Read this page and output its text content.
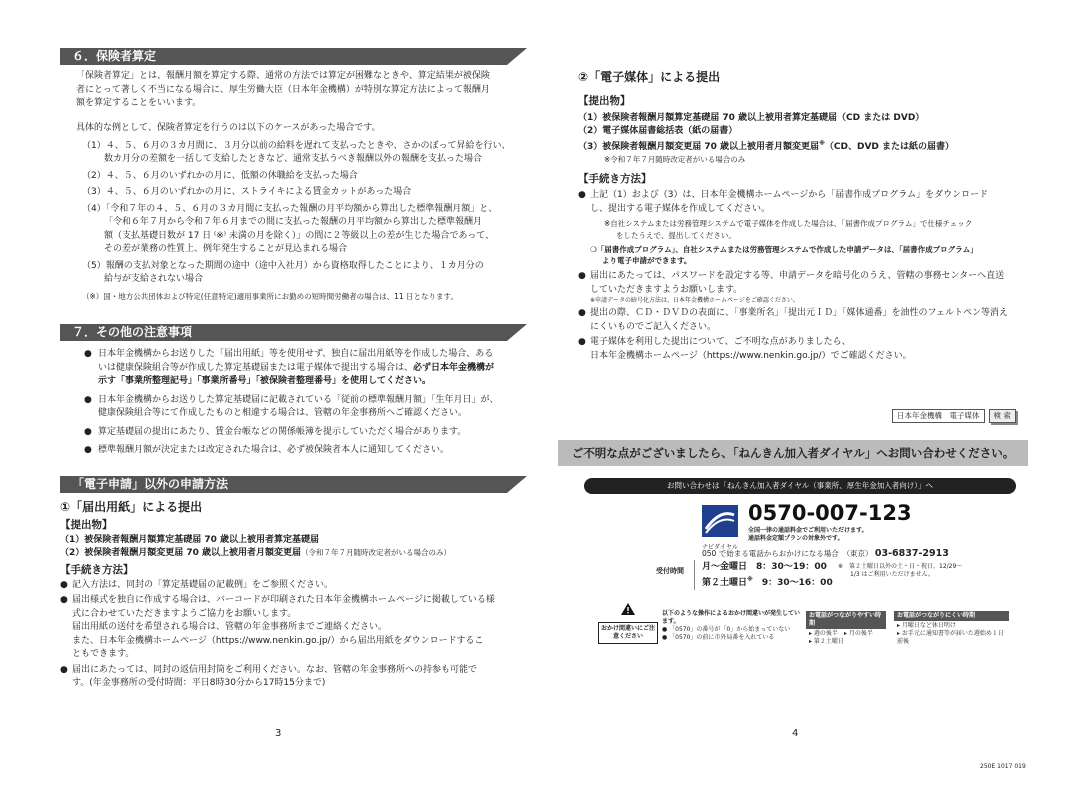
６．保険者算定

「保険者算定」とは、報酬月額を算定する際、通常の方法では算定が困難なときや、算定結果が被保険

者にとって著しく不当になる場合に、厚生労働大臣（日本年金機構）が特別な算定方法によって報酬月

額を算定することをいいます。

具体的な例として、保険者算定を行うのは以下のケースがあった場合です。

（1）４、５、６月の３カ月間に、３月分以前の給料を遅れて支払ったときや、さかのぼって昇給を行い、

数カ月分の差額を一括して支給したときなど、通常支払うべき報酬以外の報酬を支払った場合

（2）４、５、６月のいずれかの月に、低額の休職給を支払った場合

（3）４、５、６月のいずれかの月に、ストライキによる賃金カットがあった場合

（4）「令和７年の４、５、６月の３カ月間に支払った報酬の月平均額から算出した標準報酬月額」と、

「令和６年７月から令和７年６月までの間に支払った報酬の月平均額から算出した標準報酬月

額（支払基礎日数が 17 日 ⁽※⁾ 未満の月を除く）」の間に２等級以上の差が生じた場合であって、

その差が業務の性質上、例年発生することが見込まれる場合

（5）報酬の支払対象となった期間の途中（途中入社月）から資格取得したことにより、１カ月分の

給与が支給されない場合

（※）国・地方公共団体および特定(任意特定)適用事業所にお勤めの短時間労働者の場合は、11 日となります。

７．その他の注意事項

● 日本年金機構からお送りした「届出用紙」等を使用せず、独自に届出用紙等を作成した場合、ある

いは健康保険組合等が作成した算定基礎届または電子媒体で提出する場合は、必ず日本年金機構が

示す「事業所整理記号」「事業所番号」「被保険者整理番号」を使用してください。

● 日本年金機構からお送りした算定基礎届に記載されている「従前の標準報酬月額」「生年月日」が、

健康保険組合等にて作成したものと相違する場合は、管轄の年金事務所へご確認ください。

● 算定基礎届の提出にあたり、賃金台帳などの関係帳簿を提示していただく場合があります。

● 標準報酬月額が決定または改定された場合は、必ず被保険者本人に通知してください。

「電子申請」以外の申請方法

①「届出用紙」による提出

【提出物】

（1）被保険者報酬月額算定基礎届 70 歳以上被用者算定基礎届

（2）被保険者報酬月額変更届 70 歳以上被用者月額変更届（令和７年７月随時改定者がいる場合のみ）

【手続き方法】

● 記入方法は、同封の「算定基礎届の記載例」をご参照ください。

● 届出様式を独自に作成する場合は、バーコードが印刷された日本年金機構ホームページに掲載している様

式に合わせていただきますようご協力をお願いします。

届出用紙の送付を希望される場合は、管轄の年金事務所までご連絡ください。

また、日本年金機構ホームページ（https://www.nenkin.go.jp/）から届出用紙をダウンロードするこ

ともできます。

● 届出にあたっては、同封の返信用封筒をご利用ください。なお、管轄の年金事務所への持参も可能で

す。(年金事務所の受付時間：平日8時30分から17時15分まで)

3

②「電子媒体」による提出

【提出物】

（1）被保険者報酬月額算定基礎届 70 歳以上被用者算定基礎届（CD または DVD）

（2）電子媒体届書総括表（紙の届書）

（3）被保険者報酬月額変更届 70 歳以上被用者月額変更届※（CD、DVD または紙の届書）

※令和７年７月随時改定者がいる場合のみ

【手続き方法】

● 上記（1）および（3）は、日本年金機構ホームページから「届書作成プログラム」をダウンロード

し、提出する電子媒体を作成してください。

※自社システムまたは労務管理システムで電子媒体を作成した場合は、「届書作成プログラム」で仕様チェック

をしたうえで、提出してください。

❍「届書作成プログラム」、自社システムまたは労務管理システムで作成した申請データは、「届書作成プログラム」

より電子申請ができます。

● 届出にあたっては、パスワードを設定する等、申請データを暗号化のうえ、管轄の事務センターへ直送

していただきますようお願いします。

※申請データの暗号化方法は、日本年金機構ホームページをご確認ください。

● 提出の際、ＣＤ・ＤＶＤの表面に、「事業所名」「提出元ＩＤ」「媒体通番」を油性のフェルトペン等消え

にくいものでご記入ください。

● 電子媒体を利用した提出について、ご不明な点がありましたら、

日本年金機構ホームページ（https://www.nenkin.go.jp/）でご確認ください。

日本年金機構　電子媒体	検 索
ご不明な点がございましたら、「ねんきん加入者ダイヤル」へお問い合わせください。
お問い合わせは「ねんきん加入者ダイヤル（事業所、厚生年金加入者向け）」へ
ナビダイヤル
0570-007-123

全国一律の通話料金でご利用いただけます。

通話料金定額プランの対象外です。

050 で始まる電話からおかけになる場合　（東京） 03-6837-2913
受付時間	月～金曜日　 8：30～19：00

第２土曜日※　 9：30～16：00

※　第２土曜日以外の土・日・祝日、12/29～

1/3 はご利用いただけません。

おかけ間違いにご注意ください

以下のような操作によるおかけ間違いが発生しています。

● 「0570」の番号が「0」から始まっていない

● 「0570」の前に市外局番を入れている

お電話がつながりやすい時期

▸ 週の後半　▸ 月の後半

▸ 第２土曜日

お電話がつながりにくい時期

▸ 月曜日など休日明け

▸ お手元に通知書等が届いた週始め１日前後

4
250E 1017 019
